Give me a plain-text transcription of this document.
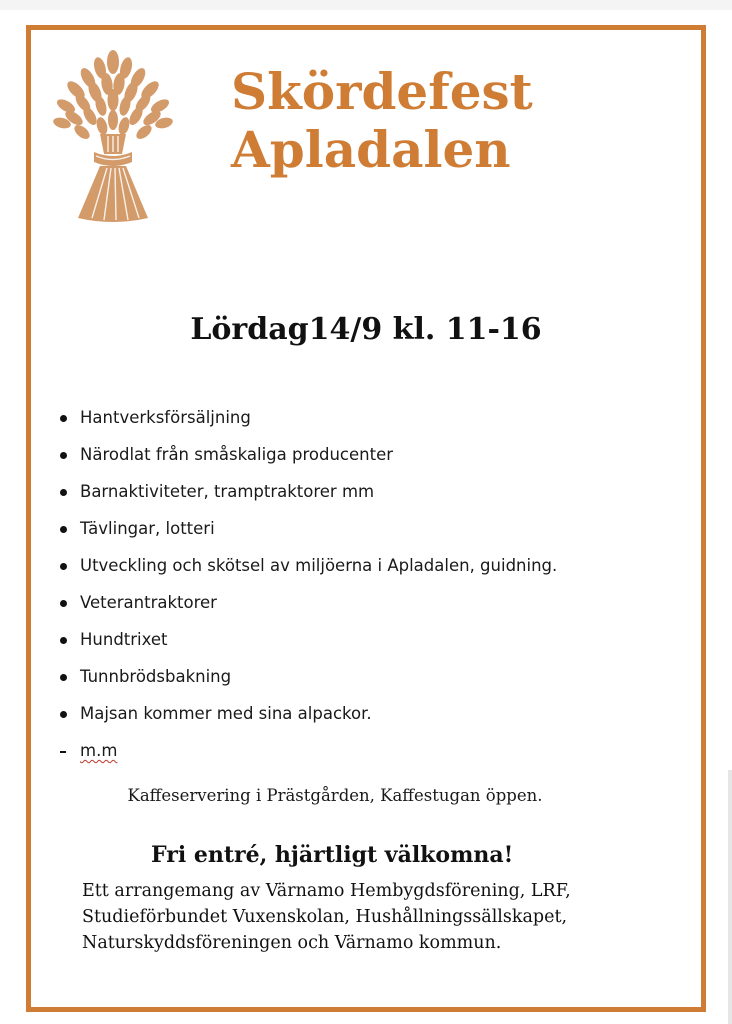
Skördefest
Apladalen

Lördag14/9 kl. 11-16

Hantverksförsäljning
Närodlat från småskaliga producenter
Barnaktiviteter, tramptraktorer mm
Tävlingar, lotteri
Utveckling och skötsel av miljöerna i Apladalen, guidning.
Veterantraktorer
Hundtrixet
Tunnbrödsbakning
Majsan kommer med sina alpackor.
m.m

Kaffeservering i Prästgården, Kaffestugan öppen.

Fri entré, hjärtligt välkomna!

Ett arrangemang av Värnamo Hembygdsförening, LRF,
Studieförbundet Vuxenskolan, Hushållningssällskapet,
Naturskyddsföreningen och Värnamo kommun.
